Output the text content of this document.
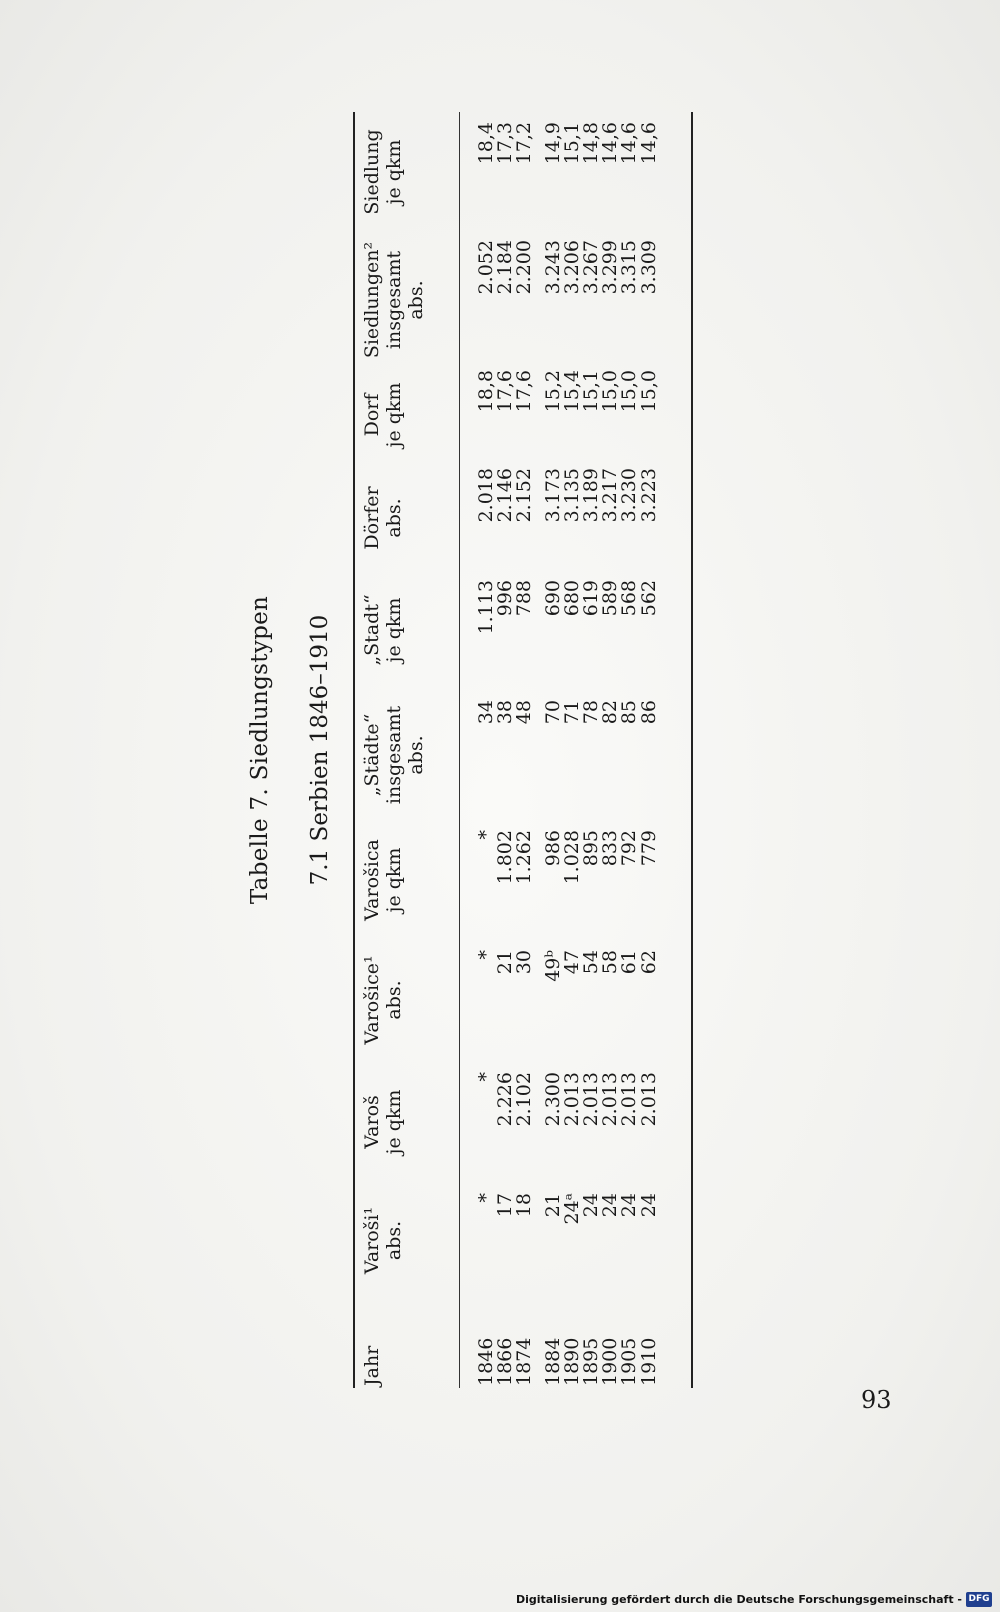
Tabelle 7. Siedlungstypen 7.1 Serbien 1846–1910
Jahr
Varoši¹ abs.
Varoš je qkm
Varošice¹ abs.
Varošica je qkm
„Städte“ insgesamt abs.
„Stadt“ je qkm
Dörfer abs.
Dorf je qkm
Siedlungen² insgesamt abs.
Siedlung je qkm
1846
1866
1874 1884
1890
1895
1900
1905
1910
*
17
18 21
24ᵃ
24
24
24
24
*
2.226
2.102 2.300
2.013
2.013
2.013
2.013
2.013
*
21
30 49ᵇ
47
54
58
61
62
*
1.802
1.262 986
1.028
895
833
792
779
34
38
48 70
71
78
82
85
86
1.113
996
788 690
680
619
589
568
562
2.018
2.146
2.152 3.173
3.135
3.189
3.217
3.230
3.223
18,8
17,6
17,6 15,2
15,4
15,1
15,0
15,0
15,0
2.052
2.184
2.200 3.243
3.206
3.267
3.299
3.315
3.309
18,4
17,3
17,2 14,9
15,1
14,8
14,6
14,6
14,6
93
Digitalisierung gefördert durch die Deutsche Forschungsgemeinschaft - DFG
